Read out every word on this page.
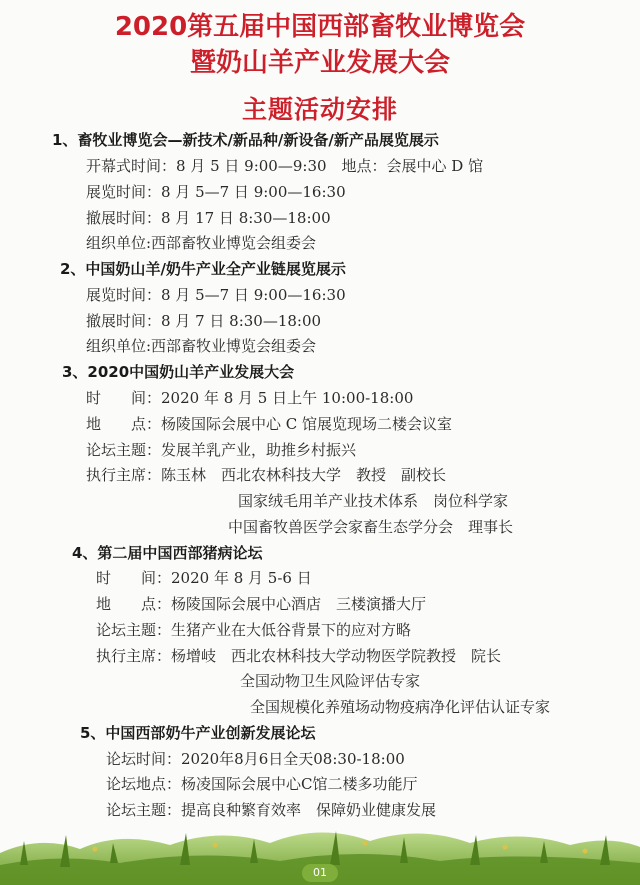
2020第五届中国西部畜牧业博览会
暨奶山羊产业发展大会
主题活动安排
1、畜牧业博览会—新技术/新品种/新设备/新产品展览展示
开幕式时间：8 月 5 日 9:00—9:30　地点：会展中心 D 馆
展览时间：8 月 5—7 日 9:00—16:30
撤展时间：8 月 17 日 8:30—18:00
组织单位:西部畜牧业博览会组委会
2、中国奶山羊/奶牛产业全产业链展览展示
展览时间：8 月 5—7 日 9:00—16:30
撤展时间：8 月 7 日 8:30—18:00
组织单位:西部畜牧业博览会组委会
3、2020中国奶山羊产业发展大会
时　　间：2020 年 8 月 5 日上午 10:00-18:00
地　　点：杨陵国际会展中心 C 馆展览现场二楼会议室
论坛主题：发展羊乳产业，助推乡村振兴
执行主席：陈玉林　西北农林科技大学　教授　副校长
国家绒毛用羊产业技术体系　岗位科学家
中国畜牧兽医学会家畜生态学分会　理事长
4、第二届中国西部猪病论坛
时　　间：2020 年 8 月 5-6 日
地　　点：杨陵国际会展中心酒店　三楼演播大厅
论坛主题：生猪产业在大低谷背景下的应对方略
执行主席：杨增岐　西北农林科技大学动物医学院教授　院长
全国动物卫生风险评估专家
全国规模化养殖场动物疫病净化评估认证专家
5、中国西部奶牛产业创新发展论坛
论坛时间：2020年8月6日全天08:30-18:00
论坛地点：杨凌国际会展中心C馆二楼多功能厅
论坛主题：提高良种繁育效率　保障奶业健康发展
01
